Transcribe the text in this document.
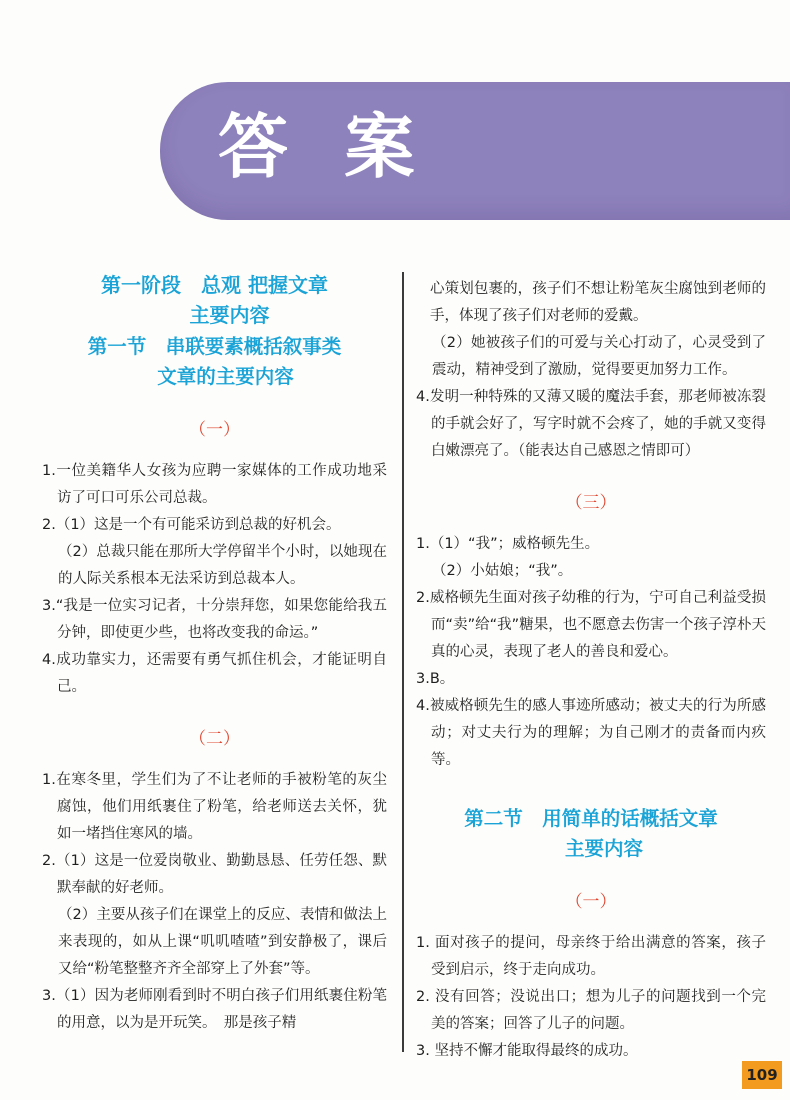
答 案
第一阶段　总观 把握文章
主要内容
第一节　串联要素概括叙事类
文章的主要内容
（一）

1.一位美籍华人女孩为应聘一家媒体的工作成功地采访了可口可乐公司总裁。

2.（1）这是一个有可能采访到总裁的好机会。

（2）总裁只能在那所大学停留半个小时，以她现在的人际关系根本无法采访到总裁本人。

3.“我是一位实习记者，十分崇拜您，如果您能给我五分钟，即使更少些，也将改变我的命运。”

4.成功靠实力，还需要有勇气抓住机会，才能证明自己。

（二）

1.在寒冬里，学生们为了不让老师的手被粉笔的灰尘腐蚀，他们用纸裹住了粉笔，给老师送去关怀，犹如一堵挡住寒风的墙。

2.（1）这是一位爱岗敬业、勤勤恳恳、任劳任怨、默默奉献的好老师。

（2）主要从孩子们在课堂上的反应、表情和做法上来表现的，如从上课“叽叽喳喳”到安静极了，课后又给“粉笔整整齐齐全部穿上了外套”等。

3.（1）因为老师刚看到时不明白孩子们用纸裹住粉笔的用意，以为是开玩笑。　那是孩子精

心策划包裹的，孩子们不想让粉笔灰尘腐蚀到老师的手，体现了孩子们对老师的爱戴。

（2）她被孩子们的可爱与关心打动了，心灵受到了震动，精神受到了激励，觉得要更加努力工作。

4.发明一种特殊的又薄又暖的魔法手套，那老师被冻裂的手就会好了，写字时就不会疼了，她的手就又变得白嫩漂亮了。（能表达自己感恩之情即可）

（三）

1.（1）“我”；威格顿先生。

（2）小姑娘；“我”。

2.威格顿先生面对孩子幼稚的行为，宁可自己利益受损而“卖”给“我”糖果，也不愿意去伤害一个孩子淳朴天真的心灵，表现了老人的善良和爱心。

3.B。

4.被威格顿先生的感人事迹所感动；被丈夫的行为所感动；对丈夫行为的理解；为自己刚才的责备而内疚等。

第二节　用简单的话概括文章
主要内容
（一）

1. 面对孩子的提问，母亲终于给出满意的答案，孩子受到启示，终于走向成功。

2. 没有回答；没说出口；想为儿子的问题找到一个完美的答案；回答了儿子的问题。

3. 坚持不懈才能取得最终的成功。

109
